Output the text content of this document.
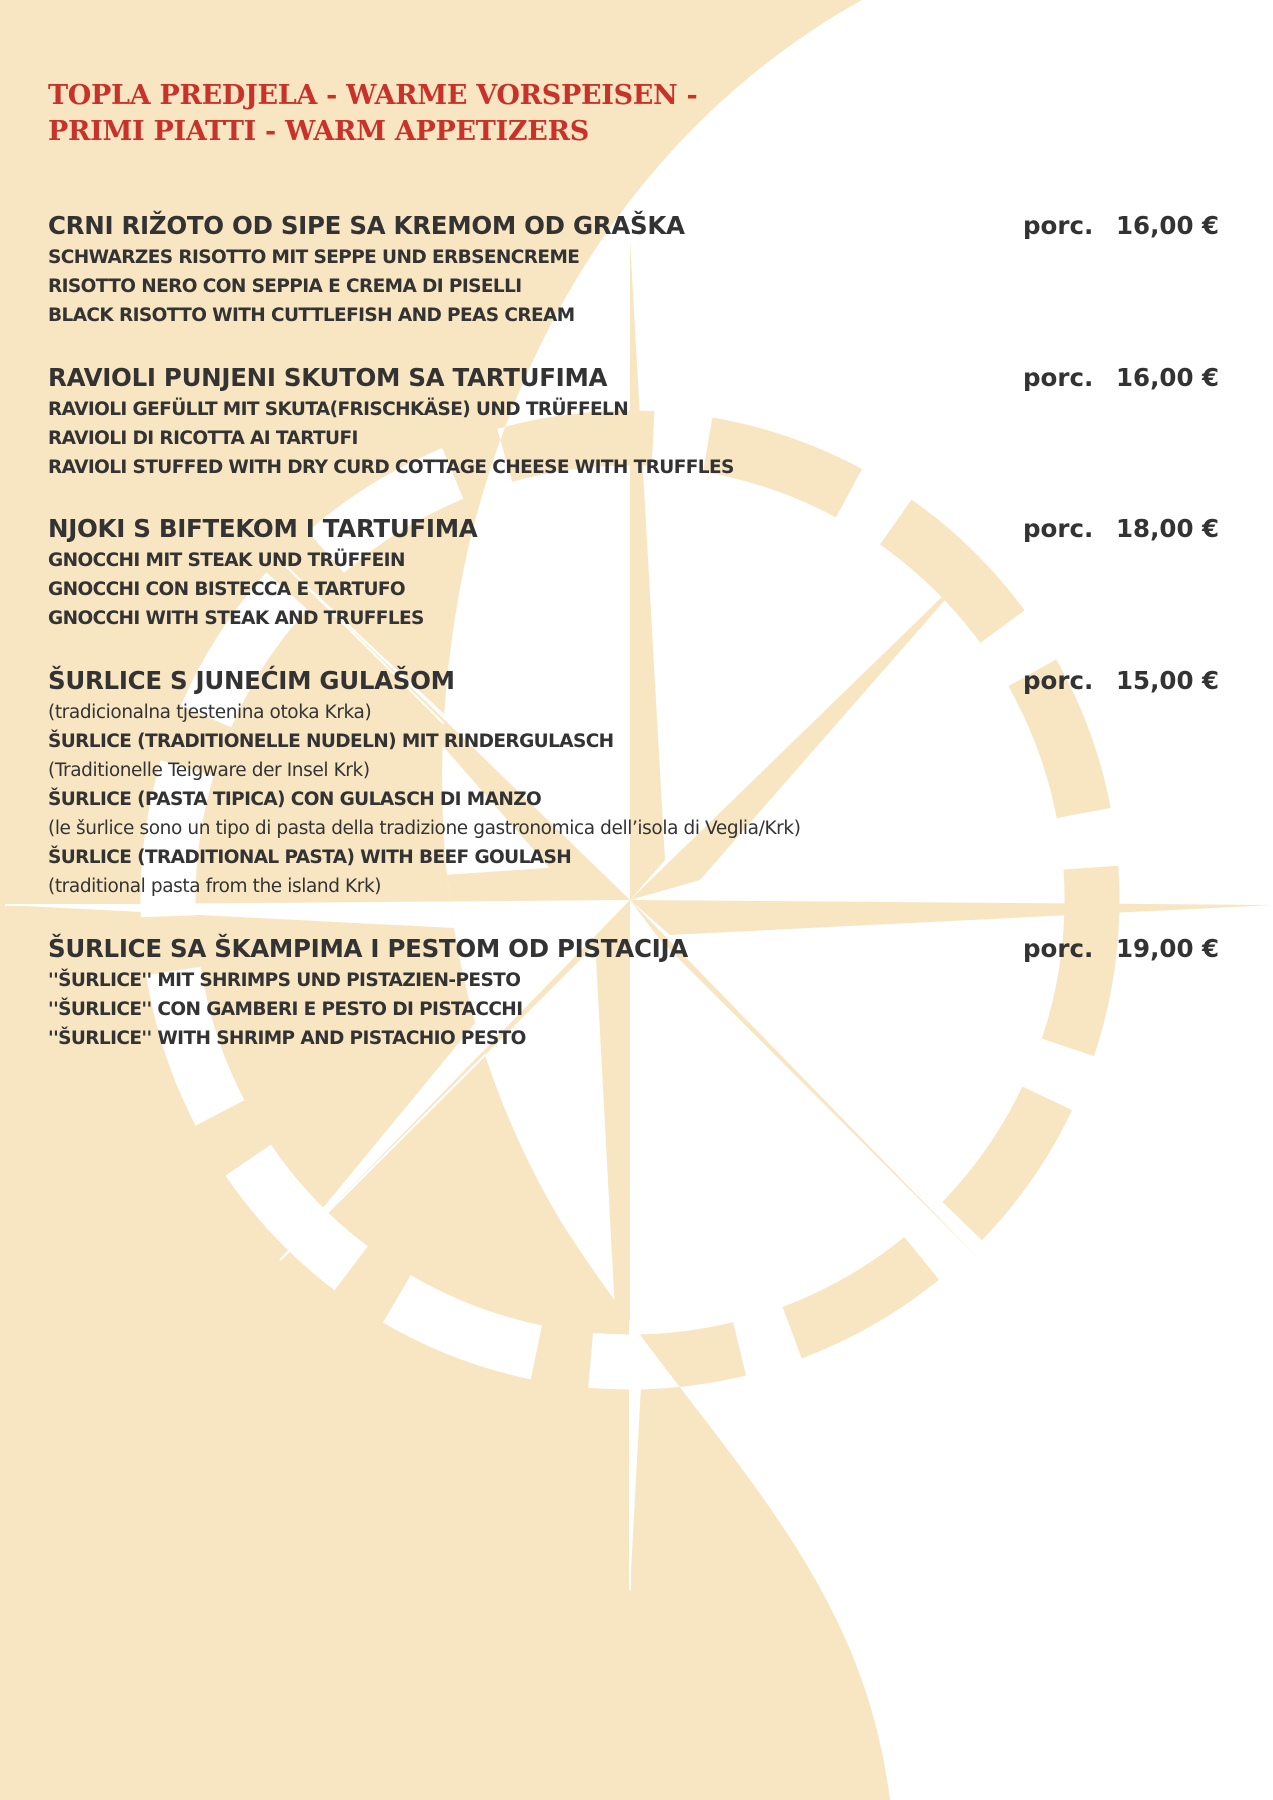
TOPLA PREDJELA - WARME VORSPEISEN -
PRIMI PIATTI - WARM APPETIZERS
CRNI RIŽOTO OD SIPE SA KREMOM OD GRAŠKA	porc. 16,00 €
SCHWARZES RISOTTO MIT SEPPE UND ERBSENCREME
RISOTTO NERO CON SEPPIA E CREMA DI PISELLI
BLACK RISOTTO WITH CUTTLEFISH AND PEAS CREAM
RAVIOLI PUNJENI SKUTOM SA TARTUFIMA	porc. 16,00 €
RAVIOLI GEFÜLLT MIT SKUTA(FRISCHKÄSE) UND TRÜFFELN
RAVIOLI DI RICOTTA AI TARTUFI
RAVIOLI STUFFED WITH DRY CURD COTTAGE CHEESE WITH TRUFFLES
NJOKI S BIFTEKOM I TARTUFIMA	porc. 18,00 €
GNOCCHI MIT STEAK UND TRÜFFEIN
GNOCCHI CON BISTECCA E TARTUFO
GNOCCHI WITH STEAK AND TRUFFLES
ŠURLICE S JUNEĆIM GULAŠOM	porc. 15,00 €
(tradicionalna tjestenina otoka Krka)
ŠURLICE (TRADITIONELLE NUDELN) MIT RINDERGULASCH
(Traditionelle Teigware der Insel Krk)
ŠURLICE (PASTA TIPICA) CON GULASCH DI MANZO
(le šurlice sono un tipo di pasta della tradizione gastronomica dell’isola di Veglia/Krk)
ŠURLICE (TRADITIONAL PASTA) WITH BEEF GOULASH
(traditional pasta from the island Krk)
ŠURLICE SA ŠKAMPIMA I PESTOM OD PISTACIJA	porc. 19,00 €
''ŠURLICE'' MIT SHRIMPS UND PISTAZIEN-PESTO
''ŠURLICE'' CON GAMBERI E PESTO DI PISTACCHI
''ŠURLICE'' WITH SHRIMP AND PISTACHIO PESTO
